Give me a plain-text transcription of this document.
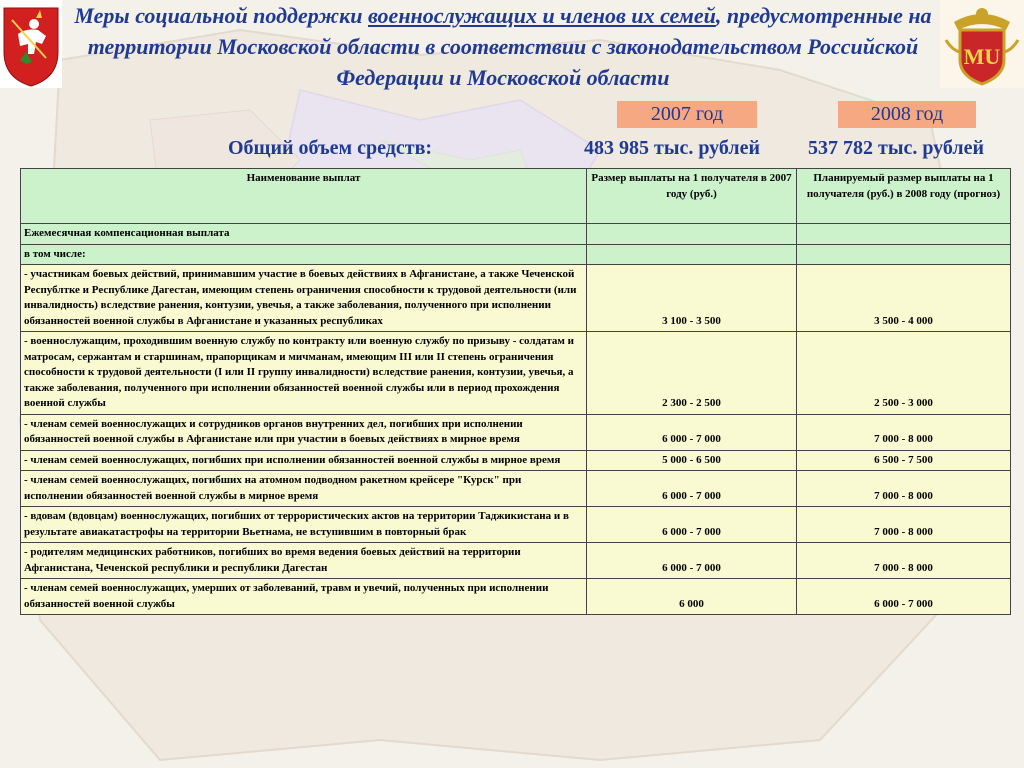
MU
Меры социальной поддержки военнослужащих и членов их семей, предусмотренные на территории Московской области в соответствии с законодательством Российской Федерации и Московской области
2007 год	2008 год
Общий объем средств:	483 985 тыс. рублей 537 782 тыс. рублей
Наименование выплат	Размер выплаты на 1 получателя в 2007 году (руб.)	Планируемый размер выплаты на 1 получателя (руб.) в 2008 году (прогноз)
Ежемесячная компенсационная выплата		
в том числе:		
- участникам боевых действий, принимавшим участие в боевых действиях в Афганистане, а также Чеченской Республтке и Республике Дагестан, имеющим степень ограничения способности к трудовой деятельности (или инвалидность) вследствие ранения, контузии, увечья, а также заболевания, полученного при исполнении обязанностей военной службы в Афганистане и указанных республиках	3 100 - 3 500	3 500 - 4 000
- военнослужащим, проходившим военную службу по контракту или военную службу по призыву - солдатам и матросам, сержантам и старшинам, прапорщикам и мичманам, имеющим III или II степень ограничения способности к трудовой деятельности (I или II группу инвалидности) вследствие ранения, контузии, увечья, а также заболевания, полученного при исполнении обязанностей военной службы или в период прохождения военной службы	2 300 - 2 500	2 500 - 3 000
- членам семей военнослужащих и сотрудников органов внутренних дел, погибших при исполнении обязанностей военной службы в Афганистане или при участии в боевых действиях в мирное время	6 000 - 7 000	7 000 - 8 000
- членам семей военнослужащих, погибших при исполнении обязанностей военной службы в мирное время	5 000 - 6 500	6 500 - 7 500
- членам семей военнослужащих, погибших на атомном подводном ракетном крейсере "Курск" при исполнении обязанностей военной службы в мирное время	6 000 - 7 000	7 000 - 8 000
- вдовам (вдовцам) военнослужащих, погибших от террористических актов на территории Таджикистана и в результате авиакатастрофы на территории Вьетнама, не вступившим в повторный брак	6 000 - 7 000	7 000 - 8 000
- родителям медицинских работников, погибших во время ведения боевых действий на территории Афганистана, Чеченской республики и республики Дагестан	6 000 - 7 000	7 000 - 8 000
- членам семей военнослужащих, умерших от заболеваний, травм и увечий, полученных при исполнении обязанностей военной службы	6 000	6 000 - 7 000
